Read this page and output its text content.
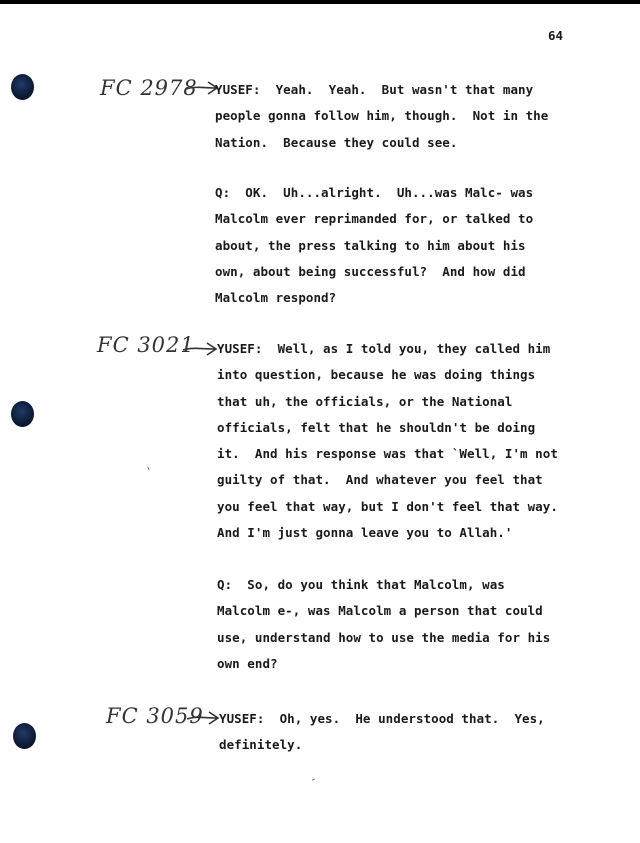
64
FC 2978
FC 3021
FC 3059
YUSEF:  Yeah.  Yeah.  But wasn't that many
people gonna follow him, though.  Not in the
Nation.  Because they could see.
Q:  OK.  Uh...alright.  Uh...was Malc- was
Malcolm ever reprimanded for, or talked to
about, the press talking to him about his
own, about being successful?  And how did
Malcolm respond?
YUSEF:  Well, as I told you, they called him
into question, because he was doing things
that uh, the officials, or the National
officials, felt that he shouldn't be doing
it.  And his response was that `Well, I'm not
guilty of that.  And whatever you feel that
you feel that way, but I don't feel that way.
And I'm just gonna leave you to Allah.'
Q:  So, do you think that Malcolm, was
Malcolm e-, was Malcolm a person that could
use, understand how to use the media for his
own end?
YUSEF:  Oh, yes.  He understood that.  Yes,
definitely.
